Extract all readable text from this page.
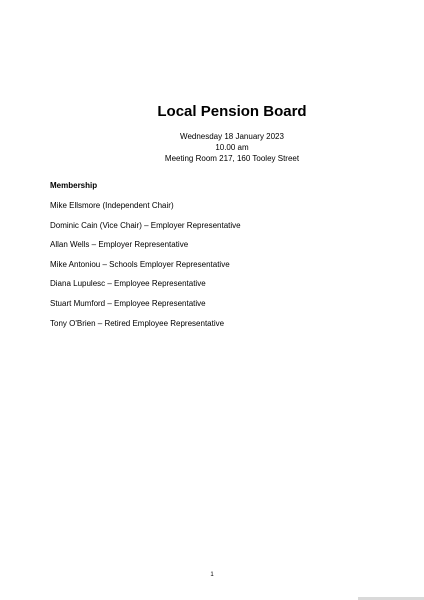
Local Pension Board
Wednesday 18 January 2023
10.00 am
Meeting Room 217, 160 Tooley Street
Membership
Mike Ellsmore (Independent Chair)
Dominic Cain (Vice Chair) – Employer Representative
Allan Wells – Employer Representative
Mike Antoniou – Schools Employer Representative
Diana Lupulesc – Employee Representative
Stuart Mumford – Employee Representative
Tony O'Brien – Retired Employee Representative
1
